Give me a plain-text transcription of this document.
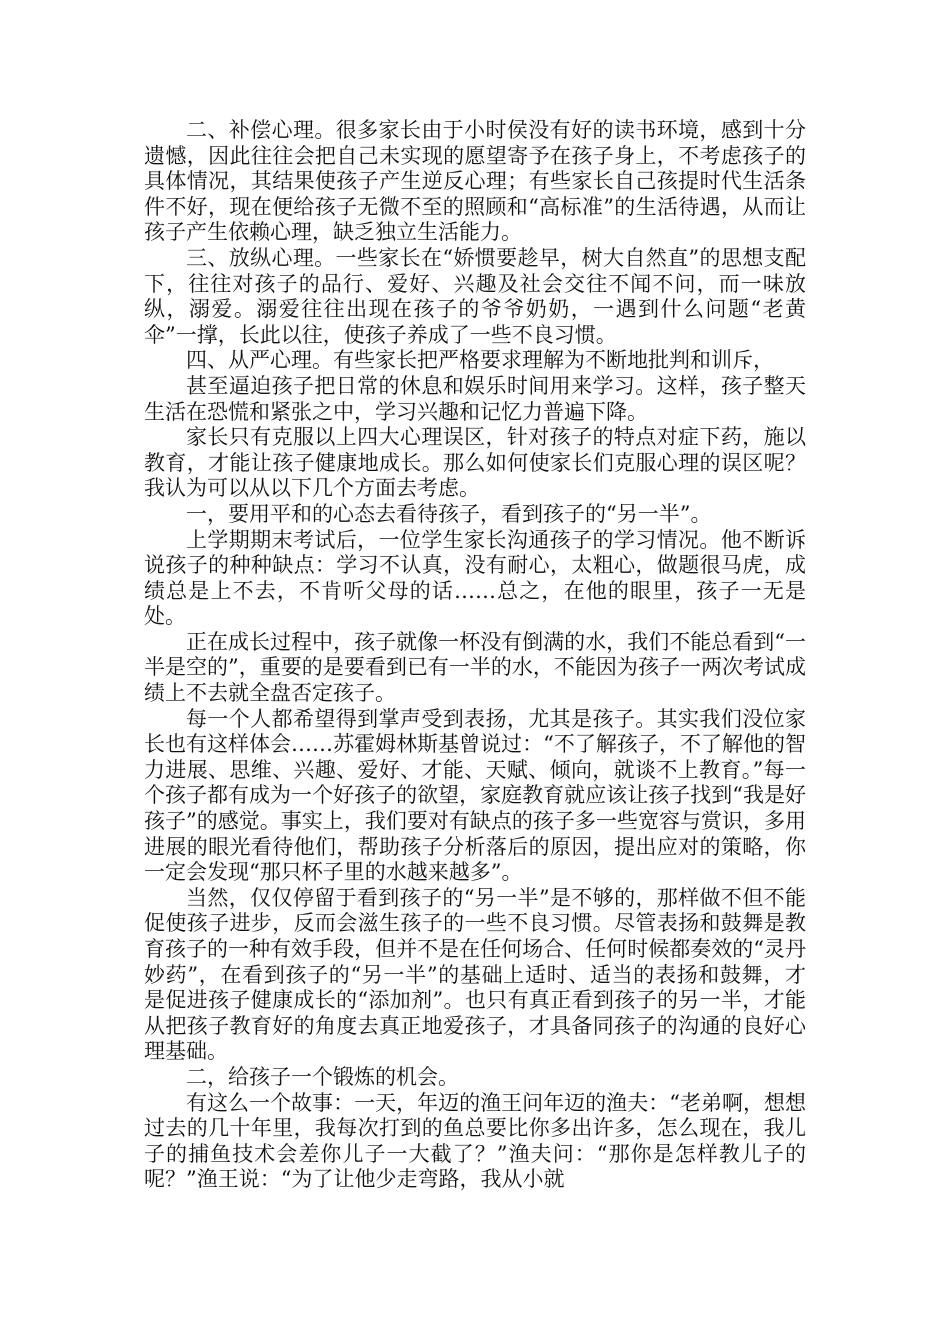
二、补偿心理。很多家长由于小时侯没有好的读书环境，感到十分遗憾，因此往往会把自己未实现的愿望寄予在孩子身上，不考虑孩子的具体情况，其结果使孩子产生逆反心理；有些家长自己孩提时代生活条件不好，现在便给孩子无微不至的照顾和“高标准”的生活待遇，从而让孩子产生依赖心理，缺乏独立生活能力。

三、放纵心理。一些家长在“娇惯要趁早，树大自然直”的思想支配下，往往对孩子的品行、爱好、兴趣及社会交往不闻不问，而一味放纵，溺爱。溺爱往往出现在孩子的爷爷奶奶，一遇到什么问题“老黄伞”一撑，长此以往，使孩子养成了一些不良习惯。

四、从严心理。有些家长把严格要求理解为不断地批判和训斥，

甚至逼迫孩子把日常的休息和娱乐时间用来学习。这样，孩子整天生活在恐慌和紧张之中，学习兴趣和记忆力普遍下降。

家长只有克服以上四大心理误区，针对孩子的特点对症下药，施以教育，才能让孩子健康地成长。那么如何使家长们克服心理的误区呢？我认为可以从以下几个方面去考虑。

一，要用平和的心态去看待孩子，看到孩子的“另一半”。

上学期期末考试后，一位学生家长沟通孩子的学习情况。他不断诉说孩子的种种缺点：学习不认真，没有耐心，太粗心，做题很马虎，成绩总是上不去，不肯听父母的话……总之，在他的眼里，孩子一无是处。

正在成长过程中，孩子就像一杯没有倒满的水，我们不能总看到“一半是空的”，重要的是要看到已有一半的水，不能因为孩子一两次考试成绩上不去就全盘否定孩子。

每一个人都希望得到掌声受到表扬，尤其是孩子。其实我们没位家长也有这样体会……苏霍姆林斯基曾说过：“不了解孩子，不了解他的智力进展、思维、兴趣、爱好、才能、天赋、倾向，就谈不上教育。”每一个孩子都有成为一个好孩子的欲望，家庭教育就应该让孩子找到“我是好孩子”的感觉。事实上，我们要对有缺点的孩子多一些宽容与赏识，多用进展的眼光看待他们，帮助孩子分析落后的原因，提出应对的策略，你一定会发现“那只杯子里的水越来越多”。

当然，仅仅停留于看到孩子的“另一半”是不够的，那样做不但不能促使孩子进步，反而会滋生孩子的一些不良习惯。尽管表扬和鼓舞是教育孩子的一种有效手段，但并不是在任何场合、任何时候都奏效的“灵丹妙药”，在看到孩子的“另一半”的基础上适时、适当的表扬和鼓舞，才是促进孩子健康成长的“添加剂”。也只有真正看到孩子的另一半，才能从把孩子教育好的角度去真正地爱孩子，才具备同孩子的沟通的良好心理基础。

二，给孩子一个锻炼的机会。

有这么一个故事：一天，年迈的渔王问年迈的渔夫：“老弟啊，想想过去的几十年里，我每次打到的鱼总要比你多出许多，怎么现在，我儿子的捕鱼技术会差你儿子一大截了？”渔夫问：“那你是怎样教儿子的呢？”渔王说：“为了让他少走弯路，我从小就
